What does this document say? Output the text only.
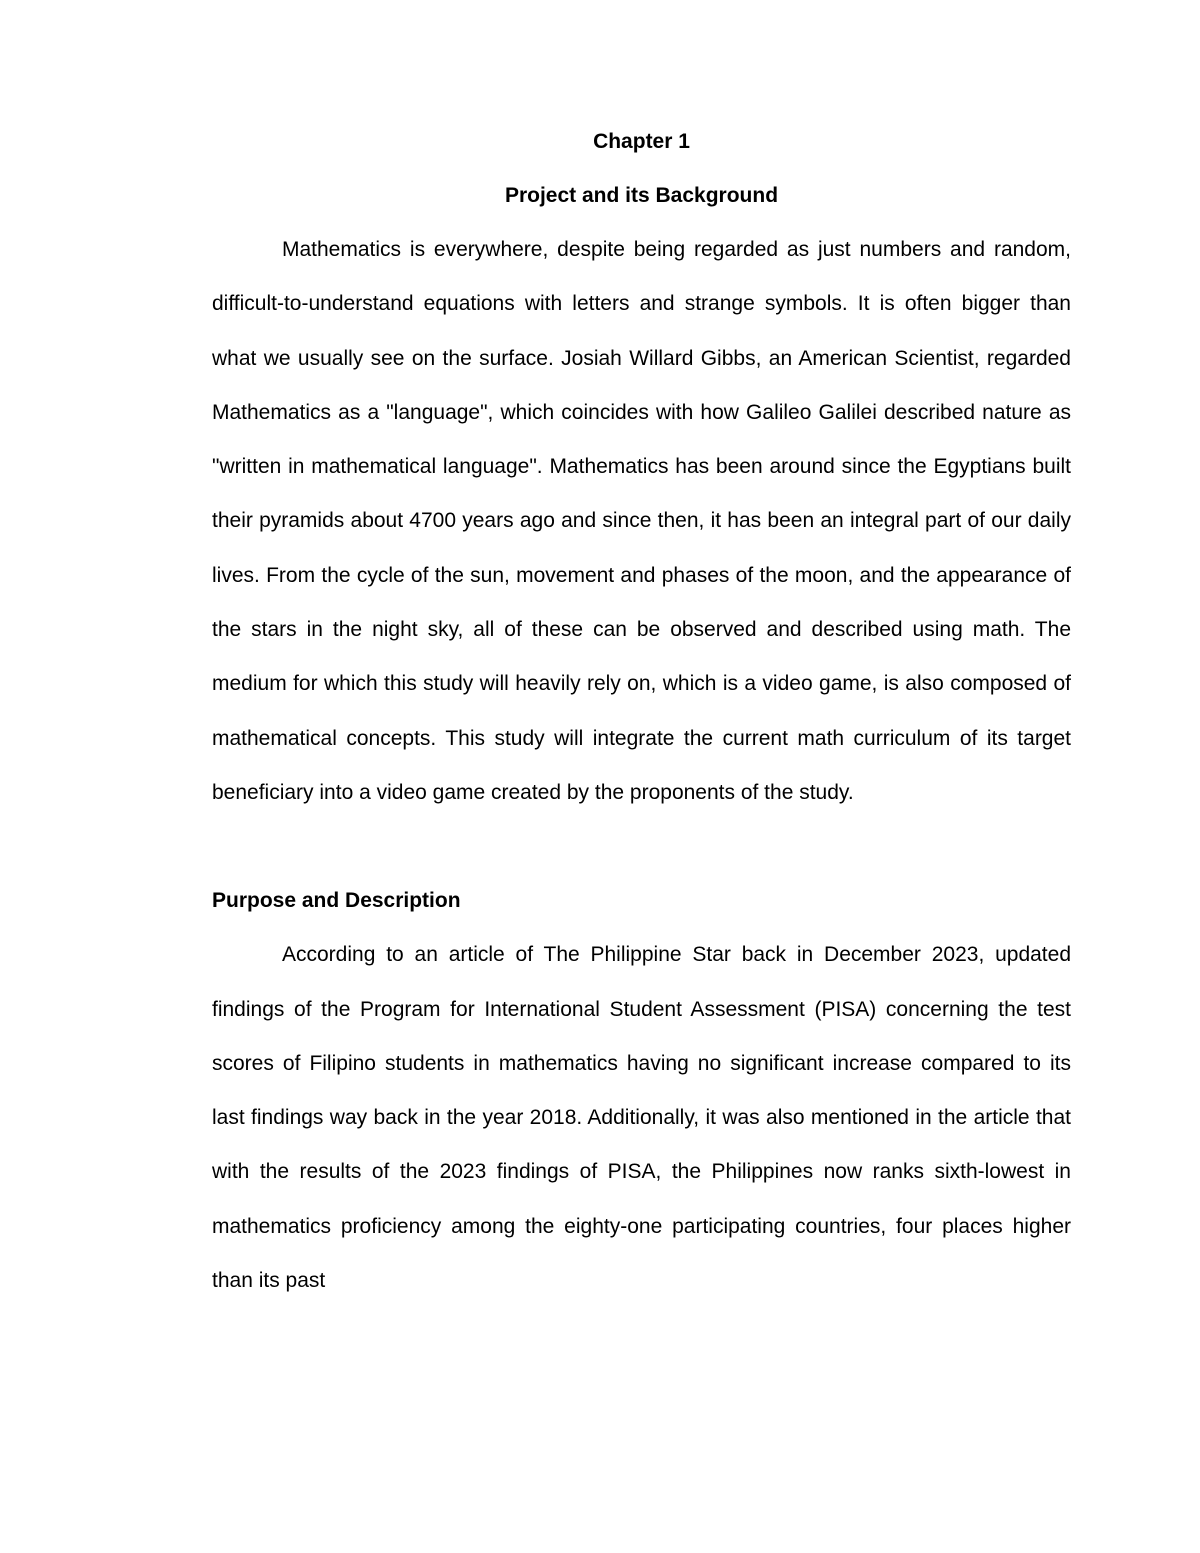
Chapter 1
Project and its Background

Mathematics is everywhere, despite being regarded as just numbers and random, difficult-to-understand equations with letters and strange symbols. It is often bigger than what we usually see on the surface. Josiah Willard Gibbs, an American Scientist, regarded Mathematics as a "language", which coincides with how Galileo Galilei described nature as "written in mathematical language". Mathematics has been around since the Egyptians built their pyramids about 4700 years ago and since then, it has been an integral part of our daily lives. From the cycle of the sun, movement and phases of the moon, and the appearance of the stars in the night sky, all of these can be observed and described using math. The medium for which this study will heavily rely on, which is a video game, is also composed of mathematical concepts. This study will integrate the current math curriculum of its target beneficiary into a video game created by the proponents of the study.

Purpose and Description

According to an article of The Philippine Star back in December 2023, updated findings of the Program for International Student Assessment (PISA) concerning the test scores of Filipino students in mathematics having no significant increase compared to its last findings way back in the year 2018. Additionally, it was also mentioned in the article that with the results of the 2023 findings of PISA, the Philippines now ranks sixth-lowest in mathematics proficiency among the eighty-one participating countries, four places higher than its past
